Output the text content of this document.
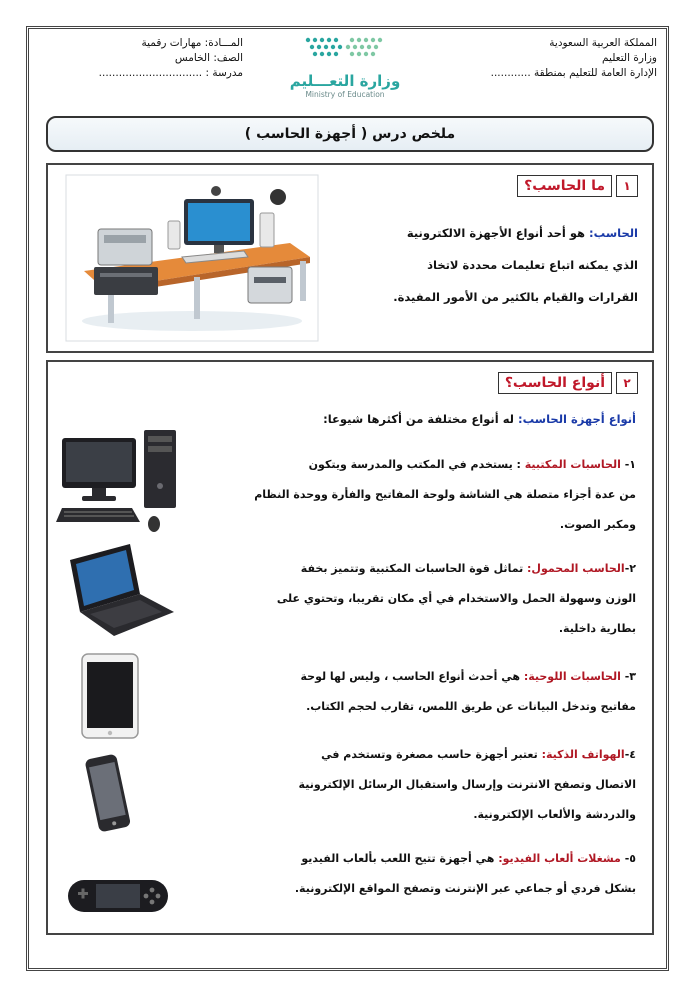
المملكة العربية السعودية
وزارة التعليم
الإدارة العامة للتعليم بمنطقة ............
المـــادة: مهارات رقمية
الصف: الخامس
مدرسة : ...............................	وزارة التعـــليم
Ministry of Education
ملخص درس ( أجهزة الحاسب )
١
ما الحاسب؟
الحاسب: هو أحد أنواع الأجهزة الالكترونية
الذي يمكنه اتباع تعليمات محددة لاتخاذ
القرارات والقيام بالكثير من الأمور المفيدة.
٢
أنواع الحاسب؟
أنواع أجهزة الحاسب: له أنواع مختلفة من أكثرها شيوعا:
١- الحاسبات المكتبية : يستخدم في المكتب والمدرسة ويتكون
من عدة أجزاء متصلة هي الشاشة ولوحة المفاتيح والفأرة ووحدة النظام
ومكبر الصوت.
٢-الحاسب المحمول: تماثل قوة الحاسبات المكتبية وتتميز بخفة
الوزن وسهولة الحمل والاستخدام في أي مكان تقريبا، وتحتوي على
بطارية داخلية.
٣- الحاسبات اللوحية: هي أحدث أنواع الحاسب ، وليس لها لوحة
مفاتيح وتدخل البيانات عن طريق اللمس، تقارب لحجم الكتاب.
٤-الهواتف الذكية: تعتبر أجهزة حاسب مصغرة وتستخدم في
الاتصال وتصفح الانترنت وإرسال واستقبال الرسائل الإلكترونية
والدردشة والألعاب الإلكترونية.
٥- مشغلات ألعاب الفيديو: هي أجهزة تتيح اللعب بألعاب الفيديو
بشكل فردي أو جماعي عبر الإنترنت وتصفح المواقع الإلكترونية.
